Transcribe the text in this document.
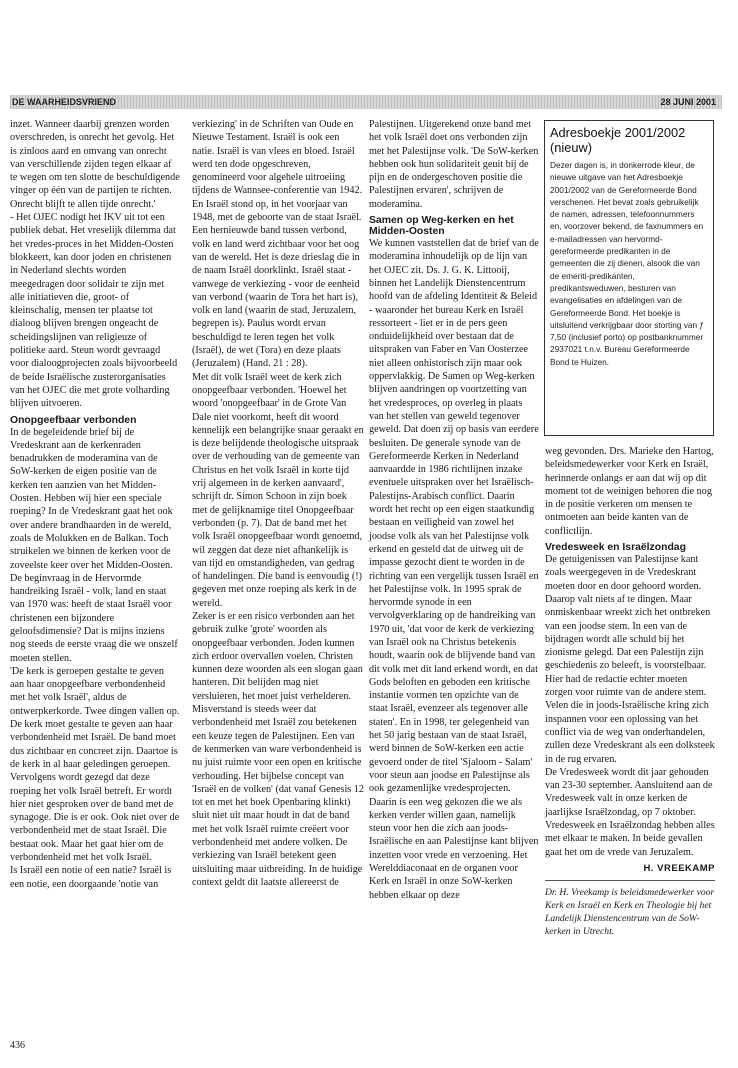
DE WAARHEIDSVRIEND	28 JUNI 2001

inzet. Wanneer daarbij grenzen worden overschreden, is onrecht het gevolg. Het is zinloos aard en omvang van onrecht van verschillende zijden tegen elkaar af te wegen om ten slotte de beschuldigende vinger op één van de partijen te richten. Onrecht blijft te allen tijde onrecht.'

- Het OJEC nodigt het IKV uit tot een publiek debat. Het vreselijk dilemma dat het vredes-proces in het Midden-Oosten blokkeert, kan door joden en christenen in Nederland slechts worden meegedragen door solidair te zijn met alle initiatieven die, groot- of kleinschalig, mensen ter plaatse tot dialoog blijven brengen ongeacht de scheidingslijnen van religieuze of politieke aard. Steun wordt gevraagd voor dialoogprojecten zoals bijvoorbeeld de beide Israëlische zusterorganisaties van het OJEC die met grote volharding blijven uitvoeren.

Onopgeefbaar verbonden

In de begeleidende brief bij de Vredeskrant aan de kerkenraden benadrukken de moderamina van de SoW-kerken de eigen positie van de kerken ten aanzien van het Midden-Oosten. Hebben wij hier een speciale roeping? In de Vredeskrant gaat het ook over andere brandhaarden in de wereld, zoals de Molukken en de Balkan. Toch struikelen we binnen de kerken voor de zoveelste keer over het Midden-Oosten. De beginvraag in de Hervormde handreiking Israël - volk, land en staat van 1970 was: heeft de staat Israël voor christenen een bijzondere geloofsdimensie? Dat is mijns inziens nog steeds de eerste vraag die we onszelf moeten stellen.

'De kerk is geroepen gestalte te geven aan haar onopgeefbare verbondenheid met het volk Israël', aldus de ontwerpkerkorde. Twee dingen vallen op. De kerk moet gestalte te geven aan haar verbondenheid met Israël. De band moet dus zichtbaar en concreet zijn. Daartoe is de kerk in al haar geledingen geroepen. Vervolgens wordt gezegd dat deze roeping het volk Israël betreft. Er wordt hier niet gesproken over de band met de synagoge. Die is er ook. Ook niet over de verbondenheid met de staat Israël. Die bestaat ook. Maar het gaat hier om de verbondenheid met het volk Israël.

Is Israël een notie of een natie? Israël is een notie, een doorgaande 'notie van

verkiezing' in de Schriften van Oude en Nieuwe Testament. Israël is ook een natie. Israël is van vlees en bloed. Israël werd ten dode opgeschreven, genomineerd voor algehele uitroeiing tijdens de Wannsee-conferentie van 1942. En Israël stond op, in het voorjaar van 1948, met de geboorte van de staat Israël. Een hernieuwde band tussen verbond, volk en land werd zichtbaar voor het oog van de wereld. Het is deze drieslag die in de naam Israël doorklinkt. Israël staat - vanwege de verkiezing - voor de eenheid van verbond (waarin de Tora het hart is), volk en land (waarin de stad, Jeruzalem, begrepen is). Paulus wordt ervan beschuldigd te leren tegen het volk (Israël), de wet (Tora) en deze plaats (Jeruzalem) (Hand. 21 : 28).

Met dit volk Israël weet de kerk zich onopgeefbaar verbonden. 'Hoewel het woord 'onopgeefbaar' in de Grote Van Dale niet voorkomt, heeft dit woord kennelijk een belangrijke snaar geraakt en is deze belijdende theologische uitspraak over de verhouding van de gemeente van Christus en het volk Israël in korte tijd vrij algemeen in de kerken aanvaard', schrijft dr. Simon Schoon in zijn boek met de gelijknamige titel Onopgeefbaar verbonden (p. 7). Dat de band met het volk Israël onopgeefbaar wordt genoemd, wil zeggen dat deze niet afhankelijk is van tijd en omstandigheden, van gedrag of handelingen. Die band is eenvoudig (!) gegeven met onze roeping als kerk in de wereld.

Zeker is er een risico verbonden aan het gebruik zulke 'grote' woorden als onopgeefbaar verbonden. Joden kunnen zich erdoor overvallen voelen. Christen kunnen deze woorden als een slogan gaan hanteren. Dit belijden mag niet versluieren, het moet juist verhelderen. Misverstand is steeds weer dat verbondenheid met Israël zou betekenen een keuze tegen de Palestijnen. Een van de kenmerken van ware verbondenheid is nu juist ruimte voor een open en kritische verhouding. Het bijbelse concept van 'Israël en de volken' (dat vanaf Genesis 12 tot en met het boek Openbaring klinkt) sluit niet uit maar houdt in dat de band met het volk Israël ruimte creëert voor verbondenheid met andere volken. De verkiezing van Israël betekent geen uitsluiting maar uitbreiding. In de huidige context geldt dit laatste allereerst de

Palestijnen. Uitgerekend onze band met het volk Israël doet ons verbonden zijn met het Palestijnse volk. 'De SoW-kerken hebben ook hun solidariteit geuit bij de pijn en de ondergeschoven positie die Palestijnen ervaren', schrijven de moderamina.

Samen op Weg-kerken en het Midden-Oosten

We kunnen vaststellen dat de brief van de moderamina inhoudelijk op de lijn van het OJEC zit. Ds. J. G. K. Littooij, binnen het Landelijk Dienstencentrum hoofd van de afdeling Identiteit & Beleid - waaronder het bureau Kerk en Israël ressorteert - liet er in de pers geen onduidelijkheid over bestaan dat de uitspraken van Faber en Van Oosterzee niet alleen onhistorisch zijn maar ook oppervlakkig. De Samen op Weg-kerken blijven aandringen op voortzetting van het vredesproces, op overleg in plaats van het stellen van geweld tegenover geweld. Dat doen zij op basis van eerdere besluiten. De generale synode van de Gereformeerde Kerken in Nederland aanvaardde in 1986 richtlijnen inzake eventuele uitspraken over het Israëlisch-Palestijns-Arabisch conflict. Daarin wordt het recht op een eigen staatkundig bestaan en veiligheid van zowel het joodse volk als van het Palestijnse volk erkend en gesteld dat de uitweg uit de impasse gezocht dient te worden in de richting van een vergelijk tussen Israël en het Palestijnse volk. In 1995 sprak de hervormde synode in een vervolgverklaring op de handreiking van 1970 uit, 'dat voor de kerk de verkiezing van Israël ook na Christus betekenis houdt, waarin ook de blijvende band van dit volk met dit land erkend wordt, en dat Gods beloften en geboden een kritische instantie vormen ten opzichte van de staat Israël, evenzeer als tegenover alle staten'. En in 1998, ter gelegenheid van het 50 jarig bestaan van de staat Israël, werd binnen de SoW-kerken een actie gevoerd onder de titel 'Sjaloom - Salam' voor steun aan joodse en Palestijnse als ook gezamenlijke vredesprojecten. Daarin is een weg gekozen die we als kerken verder willen gaan, namelijk steun voor hen die zich aan joods-Israëlische en aan Palestijnse kant blijven inzetten voor vrede en verzoening. Het Werelddiaconaat en de organen voor Kerk en Israël in onze SoW-kerken hebben elkaar op deze

Adresboekje 2001/2002 (nieuw)
Dezer dagen is, in donkerrode kleur, de nieuwe uitgave van het Adresboekje 2001/2002 van de Gereformeerde Bond verschenen. Het bevat zoals gebruikelijk de namen, adressen, telefoonnummers en, voorzover bekend, de faxnummers en e-mailadressen van hervormd-gereformeerde predikanten in de gemeenten die zij dienen, alsook die van de emeriti-predikanten, predikantsweduwen, besturen van evangelisaties en afdelingen van de Gereformeerde Bond. Het boekje is uitsluitend verkrijgbaar door storting van ƒ 7,50 (inclusief porto) op postbanknummer 2937021 t.n.v. Bureau Gereformeerde Bond te Huizen.

weg gevonden. Drs. Marieke den Hartog, beleidsmedewerker voor Kerk en Israël, herinnerde onlangs er aan dat wij op dit moment tot de weinigen behoren die nog in de positie verkeren om mensen te ontmoeten aan beide kanten van de conflictlijn.

Vredesweek en Israëlzondag

De getuigenissen van Palestijnse kant zoals weergegeven in de Vredeskrant moeten door en door gehoord worden. Daarop valt niets af te dingen. Maar onmiskenbaar wreekt zich het ontbreken van een joodse stem. In een van de bijdragen wordt alle schuld bij het zionisme gelegd. Dat een Palestijn zijn geschiedenis zo beleeft, is voorstelbaar. Hier had de redactie echter moeten zorgen voor ruimte van de andere stem. Velen die in joods-Israëlische kring zich inspannen voor een oplossing van het conflict via de weg van onderhandelen, zullen deze Vredeskrant als een dolksteek in de rug ervaren.

De Vredesweek wordt dit jaar gehouden van 23-30 september. Aansluitend aan de Vredesweek valt in onze kerken de jaarlijkse Israëlzondag, op 7 oktober. Vredesweek en Israëlzondag hebben alles met elkaar te maken. In beide gevallen gaat het om de vrede van Jeruzalem.

H. VREEKAMP
Dr. H. Vreekamp is beleidsmedewerker voor Kerk en Israël en Kerk en Theologie bij het Landelijk Dienstencentrum van de SoW-kerken in Utrecht.
436
